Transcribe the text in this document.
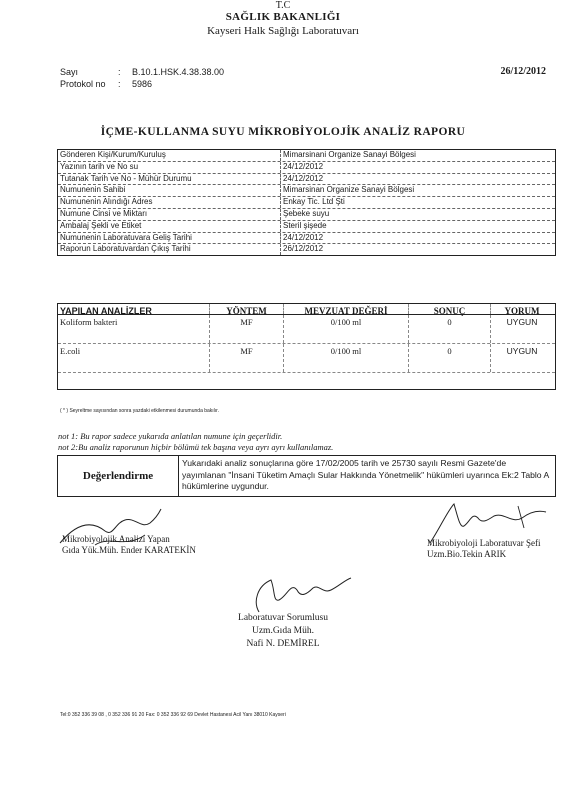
T.C
SAĞLIK BAKANLIĞI
Kayseri Halk Sağlığı Laboratuvarı
Sayı	:	B.10.1.HSK.4.38.38.00
Protokol no	:	5986
26/12/2012
İÇME-KULLANMA SUYU MİKROBİYOLOJİK ANALİZ RAPORU
Gönderen Kişi/Kurum/Kuruluş	Mimarsinani Organize Sanayi Bölgesi
Yazının tarih ve No su	24/12/2012
Tutanak Tarih ve No - Mühür Durumu	24/12/2012
Numunenin Sahibi	Mimarsinan Organize Sanayi Bölgesi
Numunenin Alındığı Adres	Enkay Tic. Ltd Şti
Numune Cinsi ve Miktarı	Şebeke suyu
Ambalaj Şekli ve Etiket	Steril şişede
Numunenin Laboratuvara Geliş Tarihi	24/12/2012
Raporun Laboratuvardan Çıkış Tarihi	26/12/2012
YAPILAN ANALİZLER	YÖNTEM	MEVZUAT DEĞERİ	SONUÇ	YORUM
Koliform bakteri	MF	0/100 ml	0	UYGUN
E.coli	MF	0/100 ml	0	UYGUN
( * ) Seyreltme sayısından sonra yazdaki etkilenmesi durumunda bakılır.
not 1: Bu rapor sadece yukarıda anlatılan numune için geçerlidir.
not 2:Bu analiz raporunun hiçbir bölümü tek başına veya ayrı ayrı kullanılamaz.
Değerlendirme
Yukarıdaki analiz sonuçlarına göre 17/02/2005 tarih ve 25730 sayılı Resmi Gazete'de yayımlanan "İnsani Tüketim Amaçlı Sular Hakkında Yönetmelik" hükümleri uyarınca Ek:2 Tablo A hükümlerine uygundur.
Mikrobiyolojik Analizi Yapan
Gıda Yük.Müh. Ender KARATEKİN
Mikrobiyoloji Laboratuvar Şefi
Uzm.Bio.Tekin ARIK
Laboratuvar Sorumlusu
Uzm.Gıda Müh.
Nafi N. DEMİREL
Tel:0 352 336 39 08 , 0 352 336 91 20 Fax: 0 352 336 92 69 Devlet Hastanesi Acil Yanı 38010 Kayseri
